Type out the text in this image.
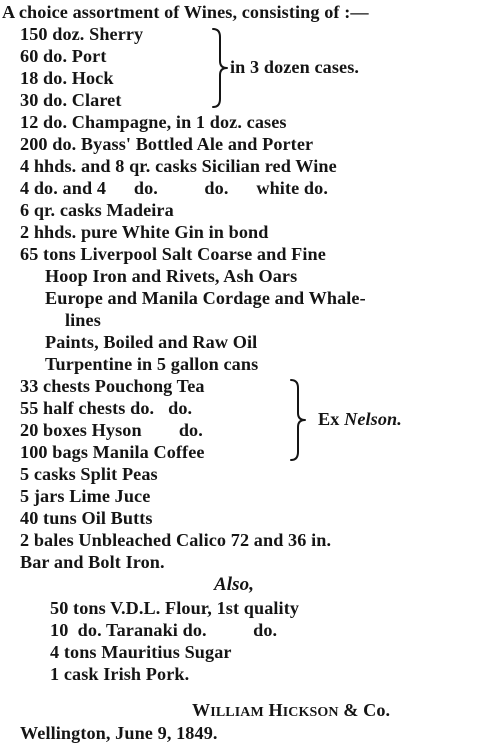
A choice assortment of Wines, consisting of :—
150 doz. Sherry
60 do. Port
18 do. Hock
30 do. Claret
in 3 dozen cases.
12 do. Champagne, in 1 doz. cases
200 do. Byass' Bottled Ale and Porter
4 hhds. and 8 qr. casks Sicilian red Wine
4 do. and 4      do.          do.      white do.
6 qr. casks Madeira
2 hhds. pure White Gin in bond
65 tons Liverpool Salt Coarse and Fine
Hoop Iron and Rivets, Ash Oars
Europe and Manila Cordage and Whale-
lines
Paints, Boiled and Raw Oil
Turpentine in 5 gallon cans
33 chests Pouchong Tea
55 half chests do.   do.
20 boxes Hyson        do.
100 bags Manila Coffee
Ex Nelson.
5 casks Split Peas
5 jars Lime Juce
40 tuns Oil Butts
2 bales Unbleached Calico 72 and 36 in.
Bar and Bolt Iron.
Also,
50 tons V.D.L. Flour, 1st quality
10  do. Taranaki do.          do.
4 tons Mauritius Sugar
1 cask Irish Pork.
WILLIAM HICKSON & Co.
Wellington, June 9, 1849.
